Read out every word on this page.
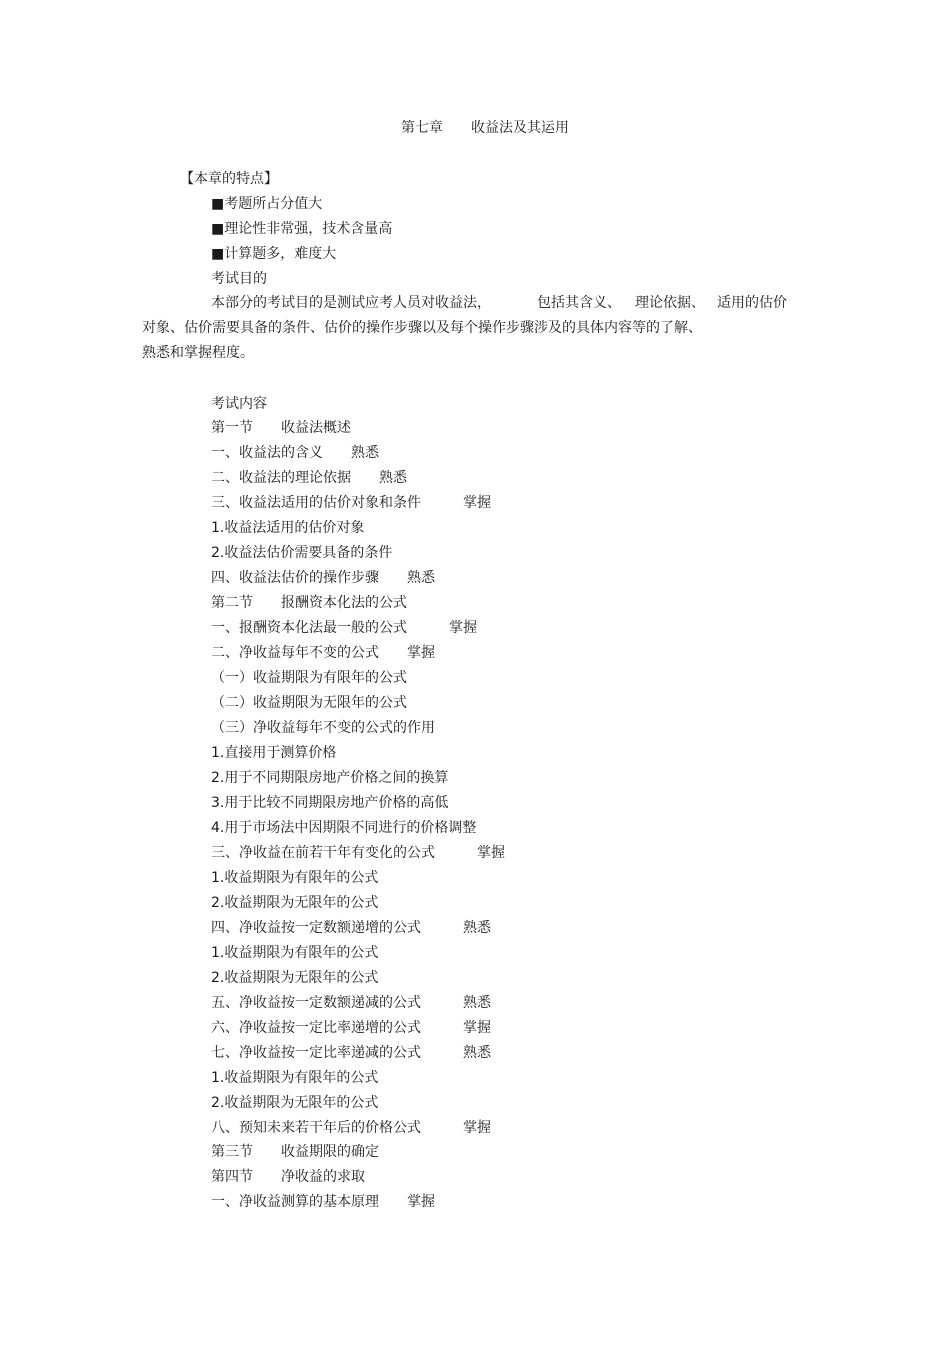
第七章　　收益法及其运用
【本章的特点】
■考题所占分值大
■理论性非常强，技术含量高
■计算题多，难度大
考试目的
本部分的考试目的是测试应考人员对收益法，	包括其含义、 理论依据、 适用的估价
对象、估价需要具备的条件、估价的操作步骤以及每个操作步骤涉及的具体内容等的了解、
熟悉和掌握程度。
考试内容
第一节　　收益法概述
一、收益法的含义　　熟悉
二、收益法的理论依据　　熟悉
三、收益法适用的估价对象和条件　　　掌握
1.收益法适用的估价对象
2.收益法估价需要具备的条件
四、收益法估价的操作步骤　　熟悉
第二节　　报酬资本化法的公式
一、报酬资本化法最一般的公式　　　掌握
二、净收益每年不变的公式　　掌握
（一）收益期限为有限年的公式
（二）收益期限为无限年的公式
（三）净收益每年不变的公式的作用
1.直接用于测算价格
2.用于不同期限房地产价格之间的换算
3.用于比较不同期限房地产价格的高低
4.用于市场法中因期限不同进行的价格调整
三、净收益在前若干年有变化的公式　　　掌握
1.收益期限为有限年的公式
2.收益期限为无限年的公式
四、净收益按一定数额递增的公式　　　熟悉
1.收益期限为有限年的公式
2.收益期限为无限年的公式
五、净收益按一定数额递减的公式　　　熟悉
六、净收益按一定比率递增的公式　　　掌握
七、净收益按一定比率递减的公式　　　熟悉
1.收益期限为有限年的公式
2.收益期限为无限年的公式
八、预知未来若干年后的价格公式　　　掌握
第三节　　收益期限的确定
第四节　　净收益的求取
一、净收益测算的基本原理　　掌握
